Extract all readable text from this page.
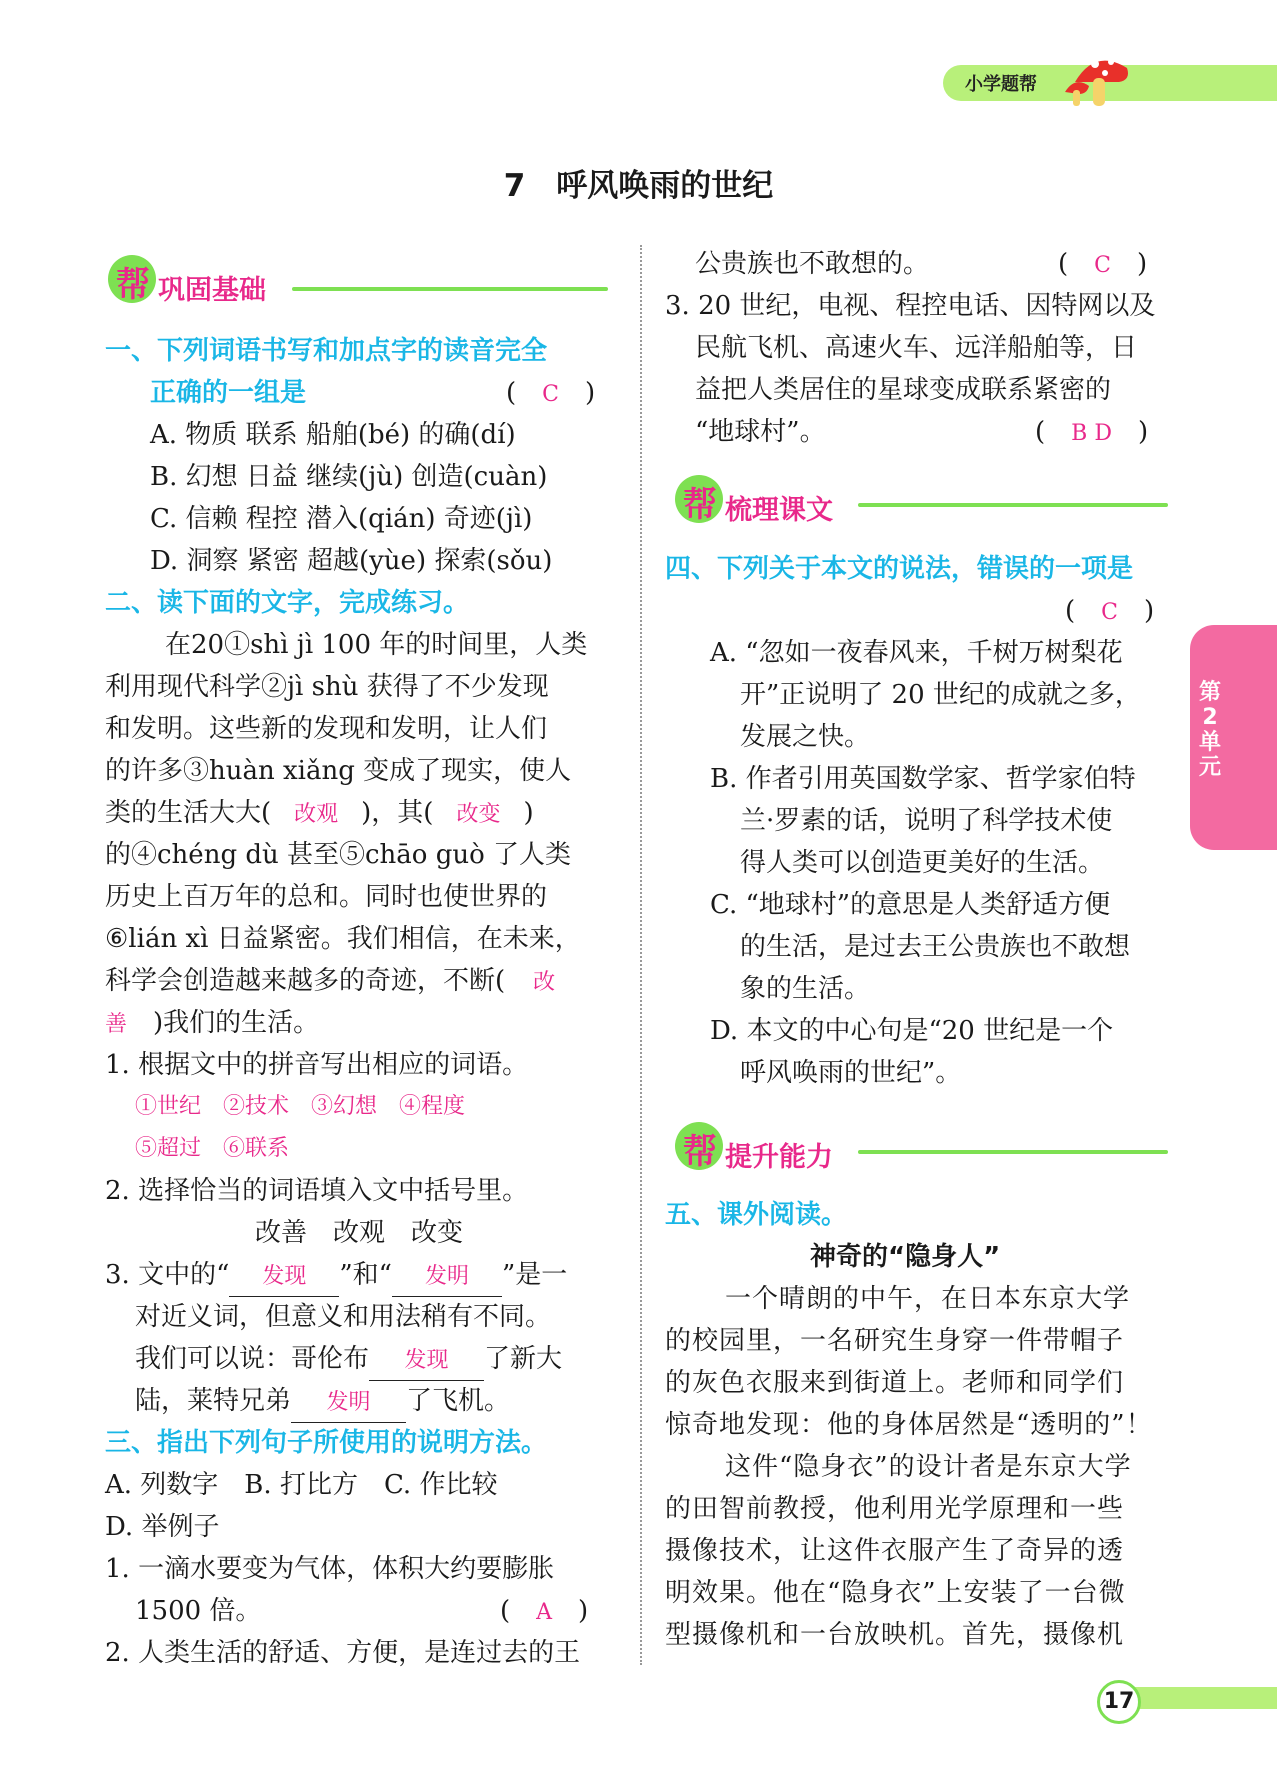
小学题帮
7　呼风唤雨的世纪
帮 巩固基础
一、下列词语书写和加点字的读音完全
正确的一组是	(　C　)
A. 物质 联系 船舶(bé) 的确(dí)
B. 幻想 日益 继续(jù) 创造(cuàn)
C. 信赖 程控 潜入(qián) 奇迹(jì)
D. 洞察 紧密 超越(yùe) 探索(sǒu)
二、读下面的文字，完成练习。
在20①shì jì 100 年的时间里，人类
利用现代科学②jì shù 获得了不少发现
和发明。这些新的发现和发明，让人们
的许多③huàn xiǎng 变成了现实，使人
类的生活大大( 改观 )，其( 改变 )
的④chéng dù 甚至⑤chāo guò 了人类
历史上百万年的总和。同时也使世界的
⑥lián xì 日益紧密。我们相信，在未来，
科学会创造越来越多的奇迹，不断( 改
善　 )我们的生活。
1. 根据文中的拼音写出相应的词语。
①世纪　②技术　③幻想　④程度
⑤超过　⑥联系
2. 选择恰当的词语填入文中括号里。
改善　改观　改变
3. 文中的“ 发现 ”和“ 发明 ”是一
对近义词，但意义和用法稍有不同。
我们可以说：哥伦布 发现 了新大
陆，莱特兄弟 发明 了飞机。
三、指出下列句子所使用的说明方法。
A. 列数字　B. 打比方　C. 作比较
D. 举例子
1. 一滴水要变为气体，体积大约要膨胀
1500 倍。	(　A　)
2. 人类生活的舒适、方便，是连过去的王
公贵族也不敢想的。	(　C　)
3. 20 世纪，电视、程控电话、因特网以及
民航飞机、高速火车、远洋船舶等，日
益把人类居住的星球变成联系紧密的
“地球村”。	(　B D　)
帮 梳理课文
四、下列关于本文的说法，错误的一项是
(　C　)
A. “忽如一夜春风来，千树万树梨花
开”正说明了 20 世纪的成就之多，
发展之快。
B. 作者引用英国数学家、哲学家伯特
兰·罗素的话，说明了科学技术使
得人类可以创造更美好的生活。
C. “地球村”的意思是人类舒适方便
的生活，是过去王公贵族也不敢想
象的生活。
D. 本文的中心句是“20 世纪是一个
呼风唤雨的世纪”。
帮 提升能力
五、课外阅读。
神奇的“隐身人”
一个晴朗的中午，在日本东京大学
的校园里，一名研究生身穿一件带帽子
的灰色衣服来到街道上。老师和同学们
惊奇地发现：他的身体居然是“透明的”！
这件“隐身衣”的设计者是东京大学
的田智前教授，他利用光学原理和一些
摄像技术，让这件衣服产生了奇异的透
明效果。他在“隐身衣”上安装了一台微
型摄像机和一台放映机。首先，摄像机
第2单元
17
